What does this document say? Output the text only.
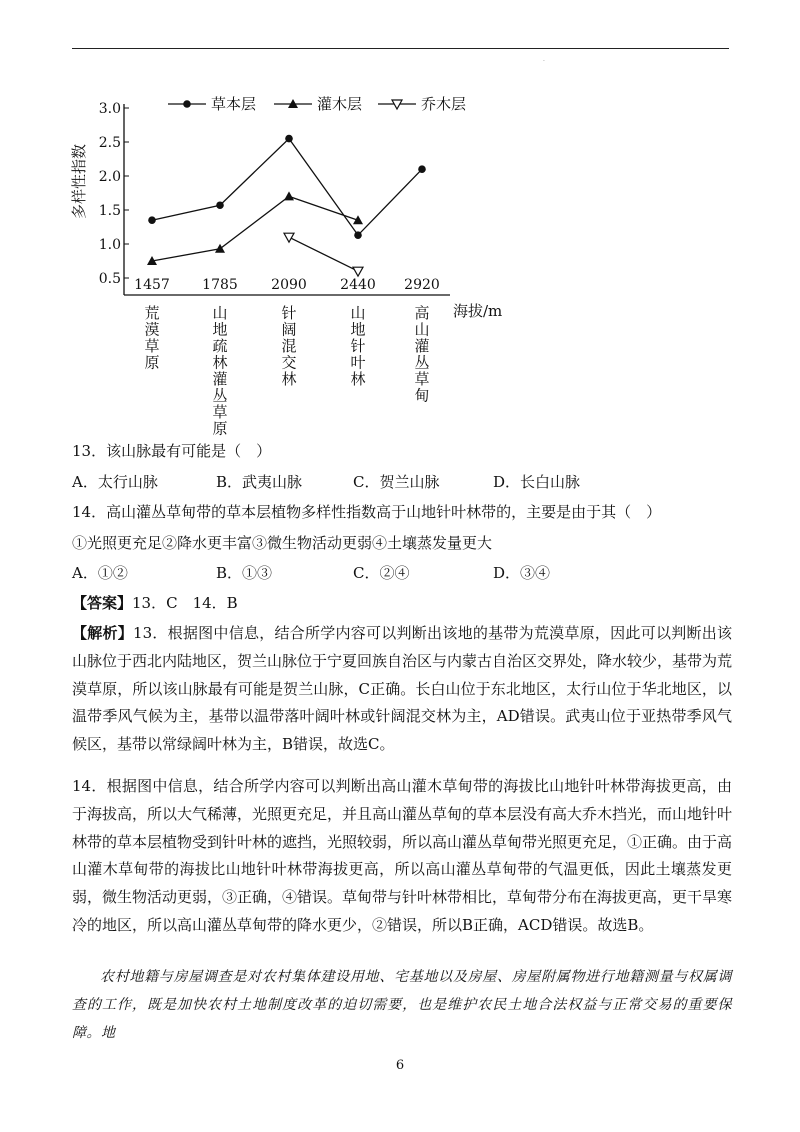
·
3.0
2.5
2.0
1.5
1.0
0.5
多样性指数
1457 1785 2090 2440 2920
荒
漠
草
原
山
地
疏
林
灌
丛
草
原
针
阔
混
交
林
山
地
针
叶
林
高
山
灌
丛
草
甸
海拔/m
草本层	灌木层	乔木层
13．该山脉最有可能是（　）
A．太行山脉	B．武夷山脉	C．贺兰山脉	D．长白山脉
14．高山灌丛草甸带的草本层植物多样性指数高于山地针叶林带的，主要是由于其（　）
①光照更充足②降水更丰富③微生物活动更弱④土壤蒸发量更大
A．①②	B．①③	C．②④	D．③④
【答案】13．C　14．B
【解析】13．根据图中信息，结合所学内容可以判断出该地的基带为荒漠草原，因此可以判断出该山脉位于西北内陆地区，贺兰山脉位于宁夏回族自治区与内蒙古自治区交界处，降水较少，基带为荒漠草原，所以该山脉最有可能是贺兰山脉，C正确。长白山位于东北地区，太行山位于华北地区，以温带季风气候为主，基带以温带落叶阔叶林或针阔混交林为主，AD错误。武夷山位于亚热带季风气候区，基带以常绿阔叶林为主，B错误，故选C。
14．根据图中信息，结合所学内容可以判断出高山灌木草甸带的海拔比山地针叶林带海拔更高，由于海拔高，所以大气稀薄，光照更充足，并且高山灌丛草甸的草本层没有高大乔木挡光，而山地针叶林带的草本层植物受到针叶林的遮挡，光照较弱，所以高山灌丛草甸带光照更充足，①正确。由于高山灌木草甸带的海拔比山地针叶林带海拔更高，所以高山灌丛草甸带的气温更低，因此土壤蒸发更弱，微生物活动更弱，③正确，④错误。草甸带与针叶林带相比，草甸带分布在海拔更高，更干旱寒冷的地区，所以高山灌丛草甸带的降水更少，②错误，所以B正确，ACD错误。故选B。
农村地籍与房屋调查是对农村集体建设用地、宅基地以及房屋、房屋附属物进行地籍测量与权属调查的工作，既是加快农村土地制度改革的迫切需要，也是维护农民土地合法权益与正常交易的重要保障。地
6
